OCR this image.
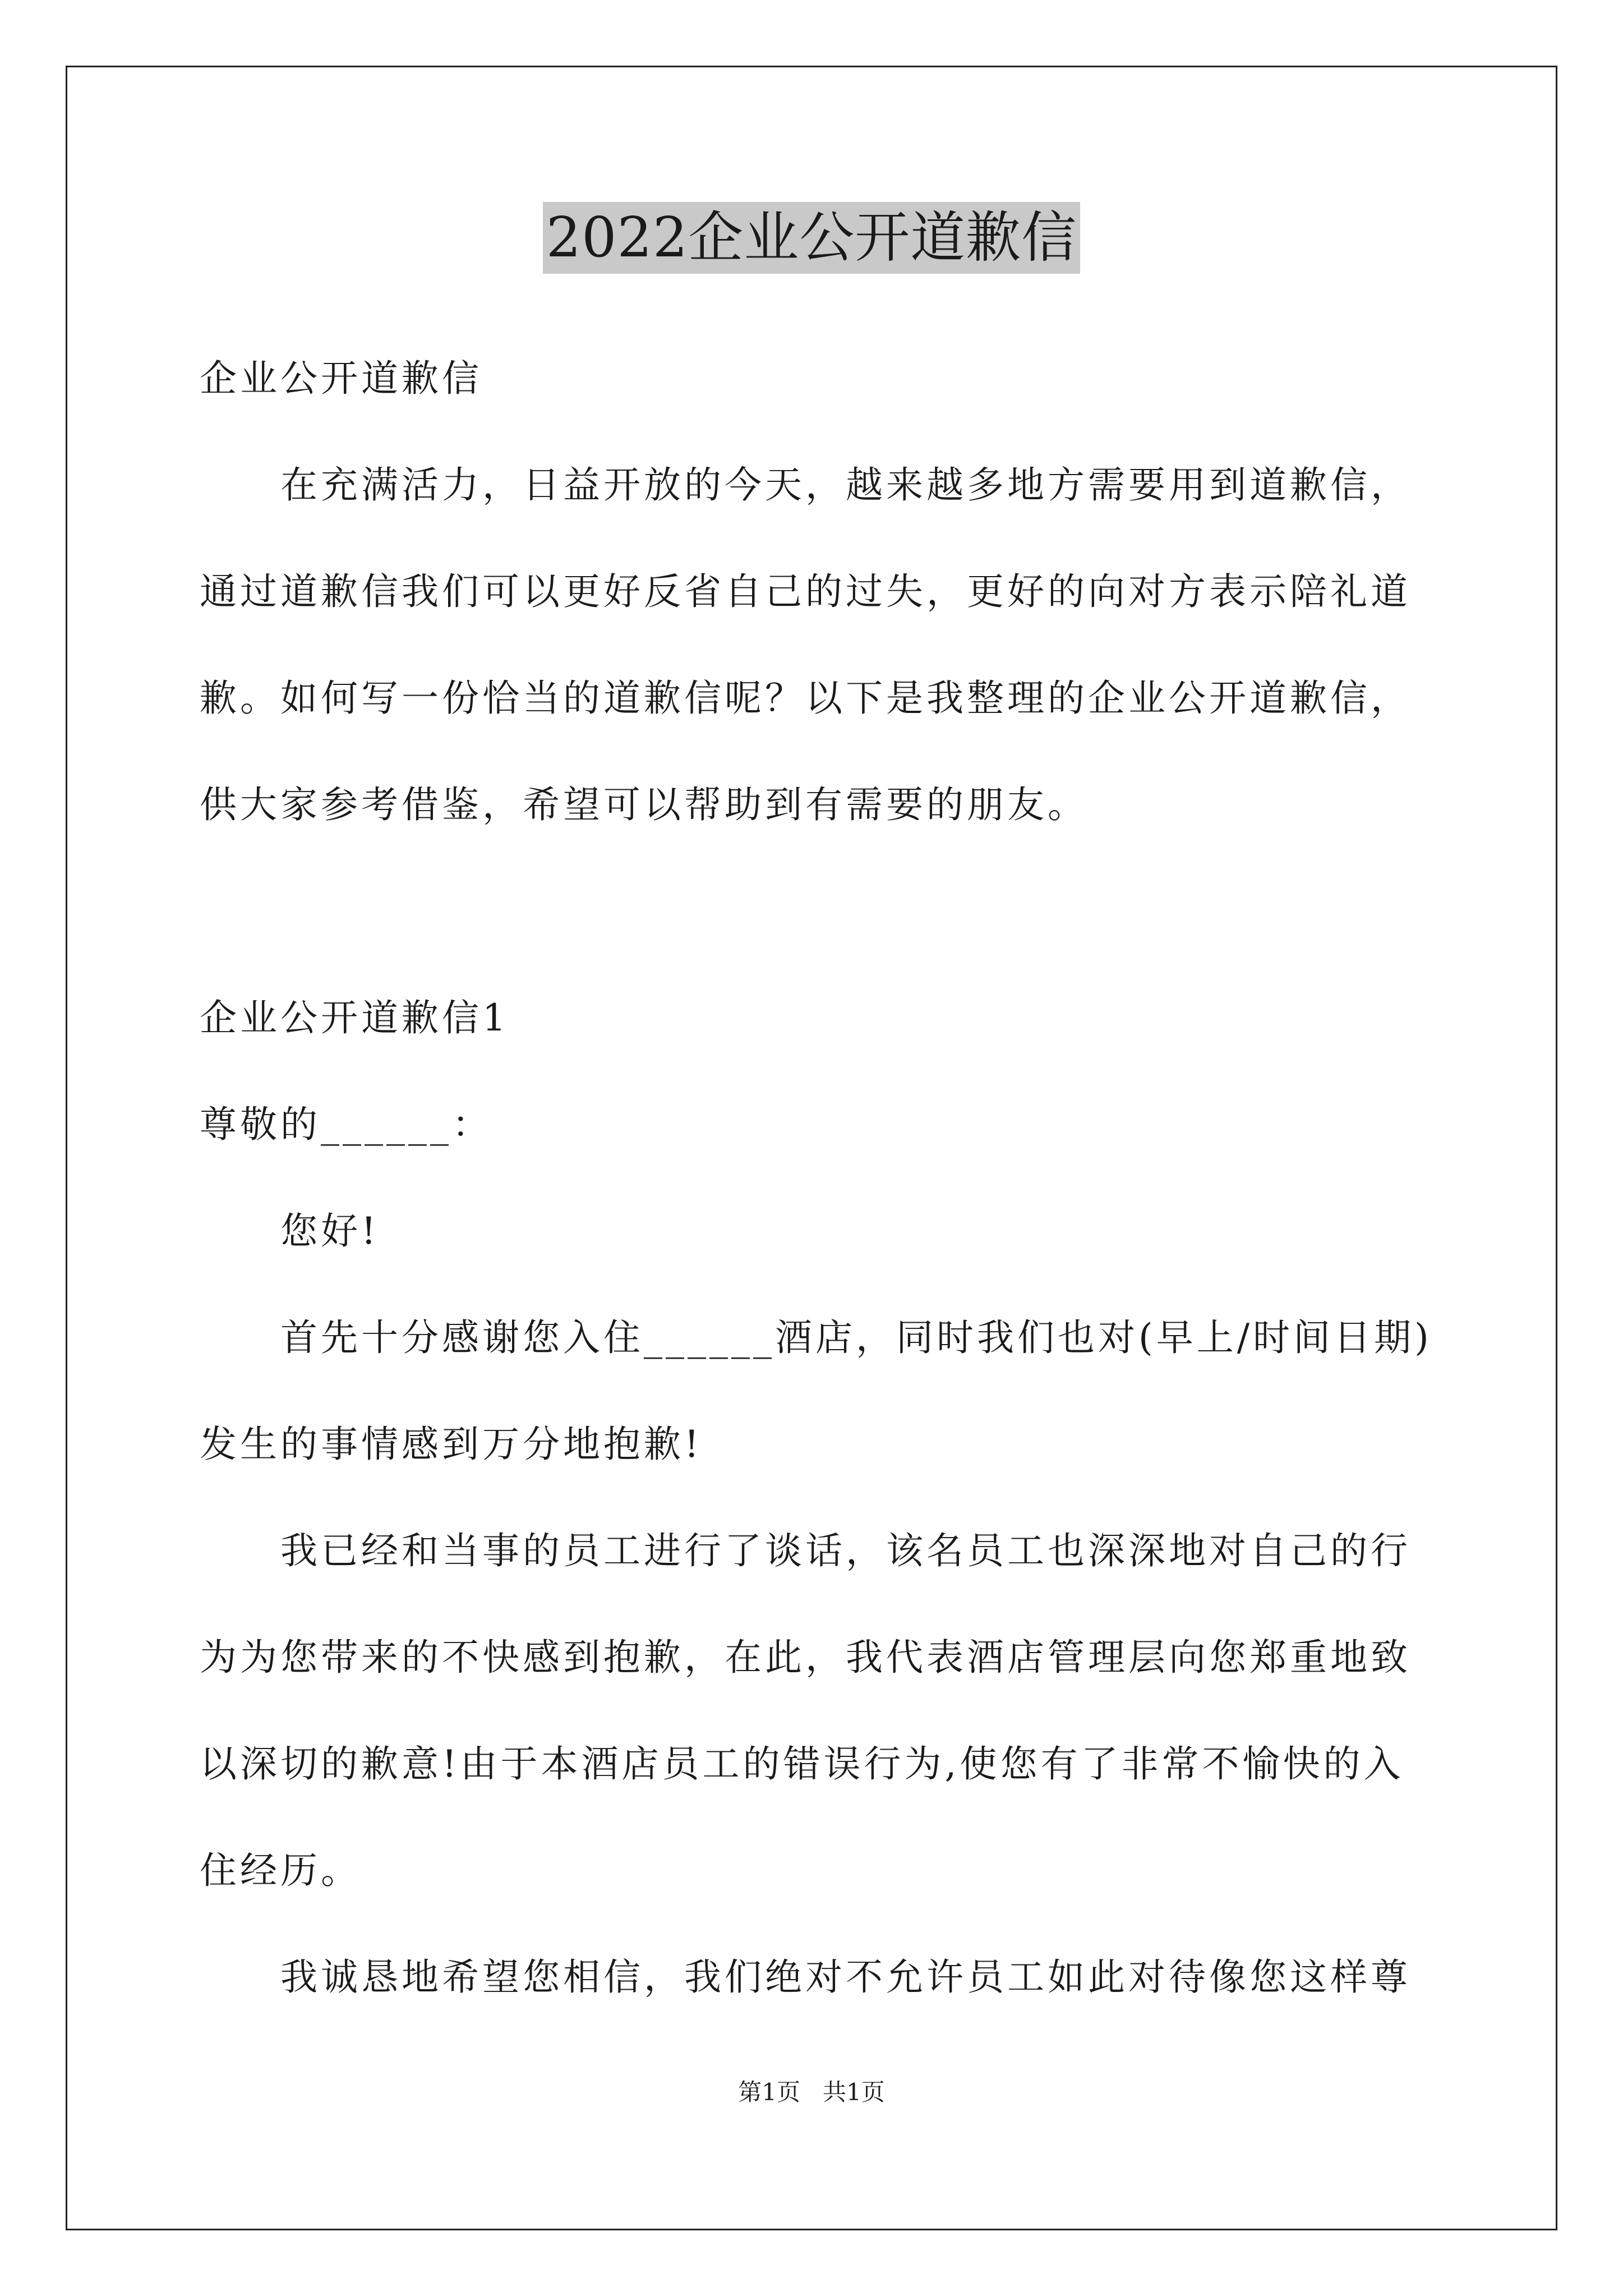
2022企业公开道歉信
企业公开道歉信
在充满活力，日益开放的今天，越来越多地方需要用到道歉信，
通过道歉信我们可以更好反省自己的过失，更好的向对方表示陪礼道
歉。如何写一份恰当的道歉信呢？以下是我整理的企业公开道歉信，
供大家参考借鉴，希望可以帮助到有需要的朋友。
企业公开道歉信1
尊敬的______：
您好!
首先十分感谢您入住______酒店，同时我们也对(早上/时间日期)
发生的事情感到万分地抱歉!
我已经和当事的员工进行了谈话，该名员工也深深地对自己的行
为为您带来的不快感到抱歉，在此，我代表酒店管理层向您郑重地致
以深切的歉意!由于本酒店员工的错误行为,使您有了非常不愉快的入
住经历。
我诚恳地希望您相信，我们绝对不允许员工如此对待像您这样尊
第1页   共1页
